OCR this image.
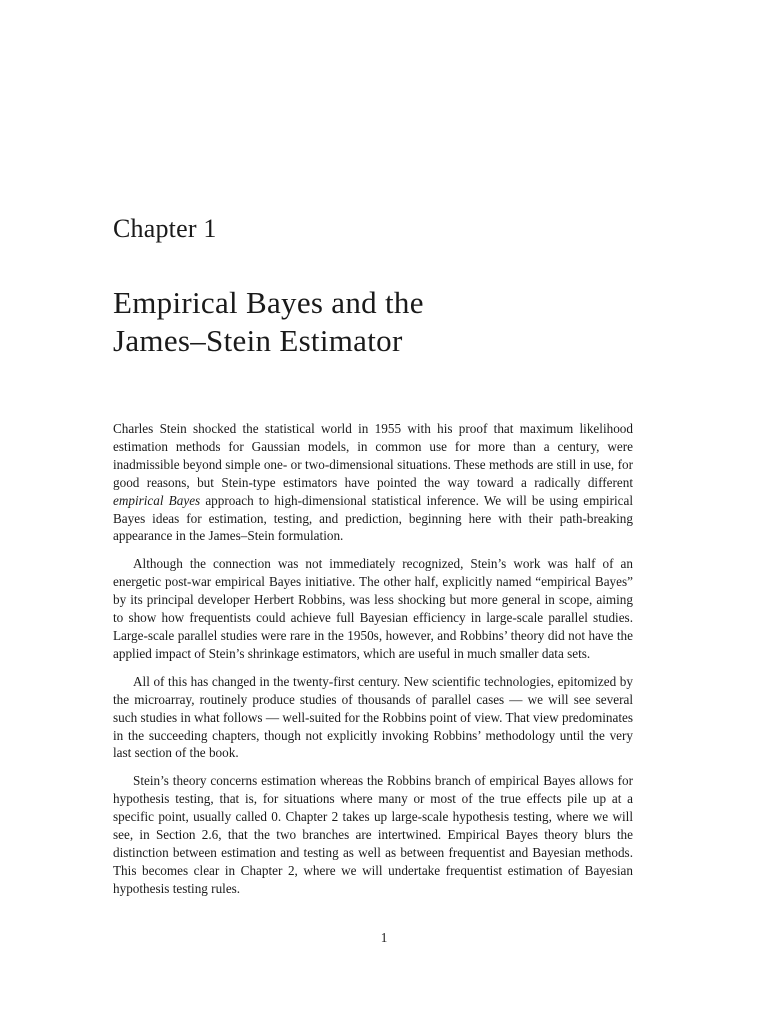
Chapter 1
Empirical Bayes and the
James–Stein Estimator

Charles Stein shocked the statistical world in 1955 with his proof that maximum likelihood estimation methods for Gaussian models, in common use for more than a century, were inadmissible beyond simple one- or two-dimensional situations. These methods are still in use, for good reasons, but Stein-type estimators have pointed the way toward a radically different empirical Bayes approach to high-dimensional statistical inference. We will be using empirical Bayes ideas for estimation, testing, and prediction, beginning here with their path-breaking appearance in the James–Stein formulation.

Although the connection was not immediately recognized, Stein’s work was half of an energetic post-war empirical Bayes initiative. The other half, explicitly named “empirical Bayes” by its principal developer Herbert Robbins, was less shocking but more general in scope, aiming to show how frequentists could achieve full Bayesian efficiency in large-scale parallel studies. Large-scale parallel studies were rare in the 1950s, however, and Robbins’ theory did not have the applied impact of Stein’s shrinkage estimators, which are useful in much smaller data sets.

All of this has changed in the twenty-first century. New scientific technologies, epitomized by the microarray, routinely produce studies of thousands of parallel cases — we will see several such studies in what follows — well-suited for the Robbins point of view. That view predominates in the succeeding chapters, though not explicitly invoking Robbins’ methodology until the very last section of the book.

Stein’s theory concerns estimation whereas the Robbins branch of empirical Bayes allows for hypothesis testing, that is, for situations where many or most of the true effects pile up at a specific point, usually called 0. Chapter 2 takes up large-scale hypothesis testing, where we will see, in Section 2.6, that the two branches are intertwined. Empirical Bayes theory blurs the distinction between estimation and testing as well as between frequentist and Bayesian methods. This becomes clear in Chapter 2, where we will undertake frequentist estimation of Bayesian hypothesis testing rules.

1
